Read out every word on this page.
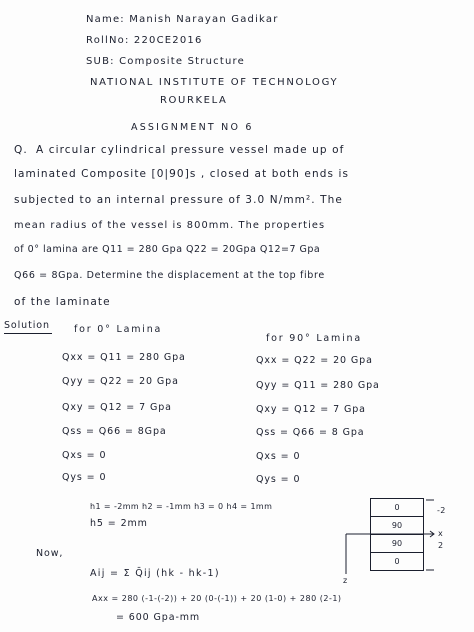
Name: Manish Narayan Gadikar
RollNo: 220CE2016
SUB: Composite Structure
NATIONAL INSTITUTE OF TECHNOLOGY
ROURKELA
ASSIGNMENT NO 6
Q. A circular cylindrical pressure vessel made up of
laminated Composite [0|90]s , closed at both ends is
subjected to an internal pressure of 3.0 N/mm². The
mean radius of the vessel is 800mm. The properties
of 0° lamina are Q11 = 280 Gpa Q22 = 20Gpa Q12=7 Gpa
Q66 = 8Gpa. Determine the displacement at the top fibre
of the laminate
Solution	for 0° Lamina
for 90° Lamina
Qxx = Q11 = 280 Gpa
Qyy = Q22 = 20 Gpa
Qxy = Q12 = 7 Gpa
Qss = Q66 = 8Gpa
Qxs = 0
Qys = 0
Qxx = Q22 = 20 Gpa
Qyy = Q11 = 280 Gpa
Qxy = Q12 = 7 Gpa
Qss = Q66 = 8 Gpa
Qxs = 0
Qys = 0
h1 = -2mm h2 = -1mm h3 = 0 h4 = 1mm
h5 = 2mm
Now,
Aij = Σ Q̄ij (hk - hk-1)
Axx = 280 (-1-(-2)) + 20 (0-(-1)) + 20 (1-0) + 280 (2-1)
= 600 Gpa-mm
0
90
90
0
-2
x
2
z
